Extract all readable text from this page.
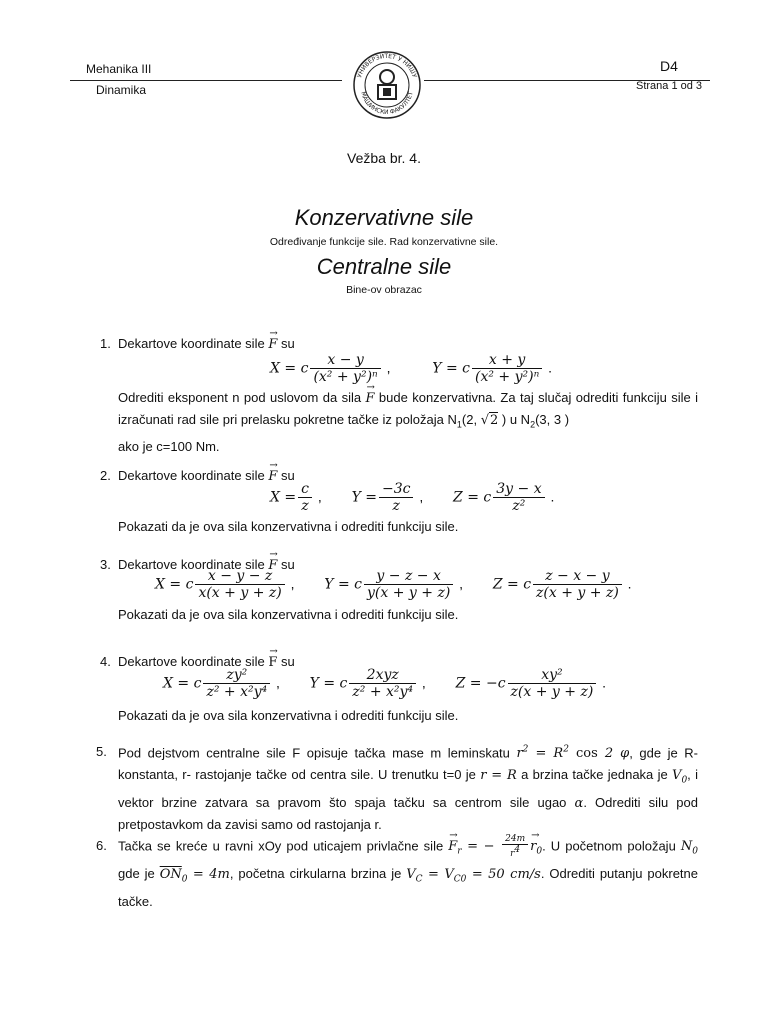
Mehanika III
Dinamika
D4
Strana 1 od 3
УНИВЕРЗИТЕТ У НИШУ
МАШИНСКИ ФАКУЛТЕТ
Vežba br. 4.
Konzervativne sile
Određivanje funkcije sile. Rad konzervativne sile.
Centralne sile
Bine-ov obrazac
1. Dekartove koordinate sile → F su
X = c $\frac{x - y}{\text{(x² + y²)ⁿ}}$ ,	Y = c $\frac{x + y}{\text{(x² + y²)ⁿ}}$ .
Odrediti eksponent n pod uslovom da sila → F bude konzervativna. Za taj slučaj odrediti funkciju sile i izračunati rad sile pri prelasku pokretne tačke iz položaja $N_1(2$, √2 ) u $N_2(3$, 3 )
ako je c=100 Nm.
2. Dekartove koordinate sile → F su
$X = \frac{c}{z}$ ,  $Y = \frac{-3c}{z}$ ,  Z = c $\frac{3y - x}{\text{z²}}$ .
Pokazati da je ova sila konzervativna i odrediti funkciju sile.
3. Dekartove koordinate sile → F su
X = c $\frac{x - y - z}{x(x + y + z)}$ ,  Y = c $\frac{y - z - x}{y(x + y + z)}$ ,  Z = c $\frac{z - x - y}{z(x + y + z)}$ .
Pokazati da je ova sila konzervativna i odrediti funkciju sile.
4. Dekartove koordinate sile → F su
X = c $\frac{\text{zy²}}{\text{z² + x²y⁴}}$ ,  Y = c $\frac{\text{2xyz}}{\text{z² + x²y⁴}}$ ,  $Z = -c \frac{\text{xy²}}{z(x + y + z)}$ .
Pokazati da je ova sila konzervativna i odrediti funkciju sile.
5. Pod dejstvom centralne sile F opisuje tačka mase m leminskatu $r^2 = R^2$ cos 2 φ, gde je R-konstanta, r- rastojanje tačke od centra sile. U trenutku t=0 je r = R a brzina tačke jednaka je $V_0$, i vektor brzine zatvara sa pravom što spaja tačku sa centrom sile ugao α. Odrediti silu pod pretpostavkom da zavisi samo od rastojanja r.
6. Tačka se kreće u ravni xOy pod uticajem privlačne sile → $F_r$ = − $\frac{24m}{r^4} \to r_0$. U početnom položaju $N_0$ gde je $\overline{ON}_0 = 4m$, početna cirkularna brzina je $V_C = V_{C0} = 50$ cm/s. Odrediti putanju pokretne tačke.
